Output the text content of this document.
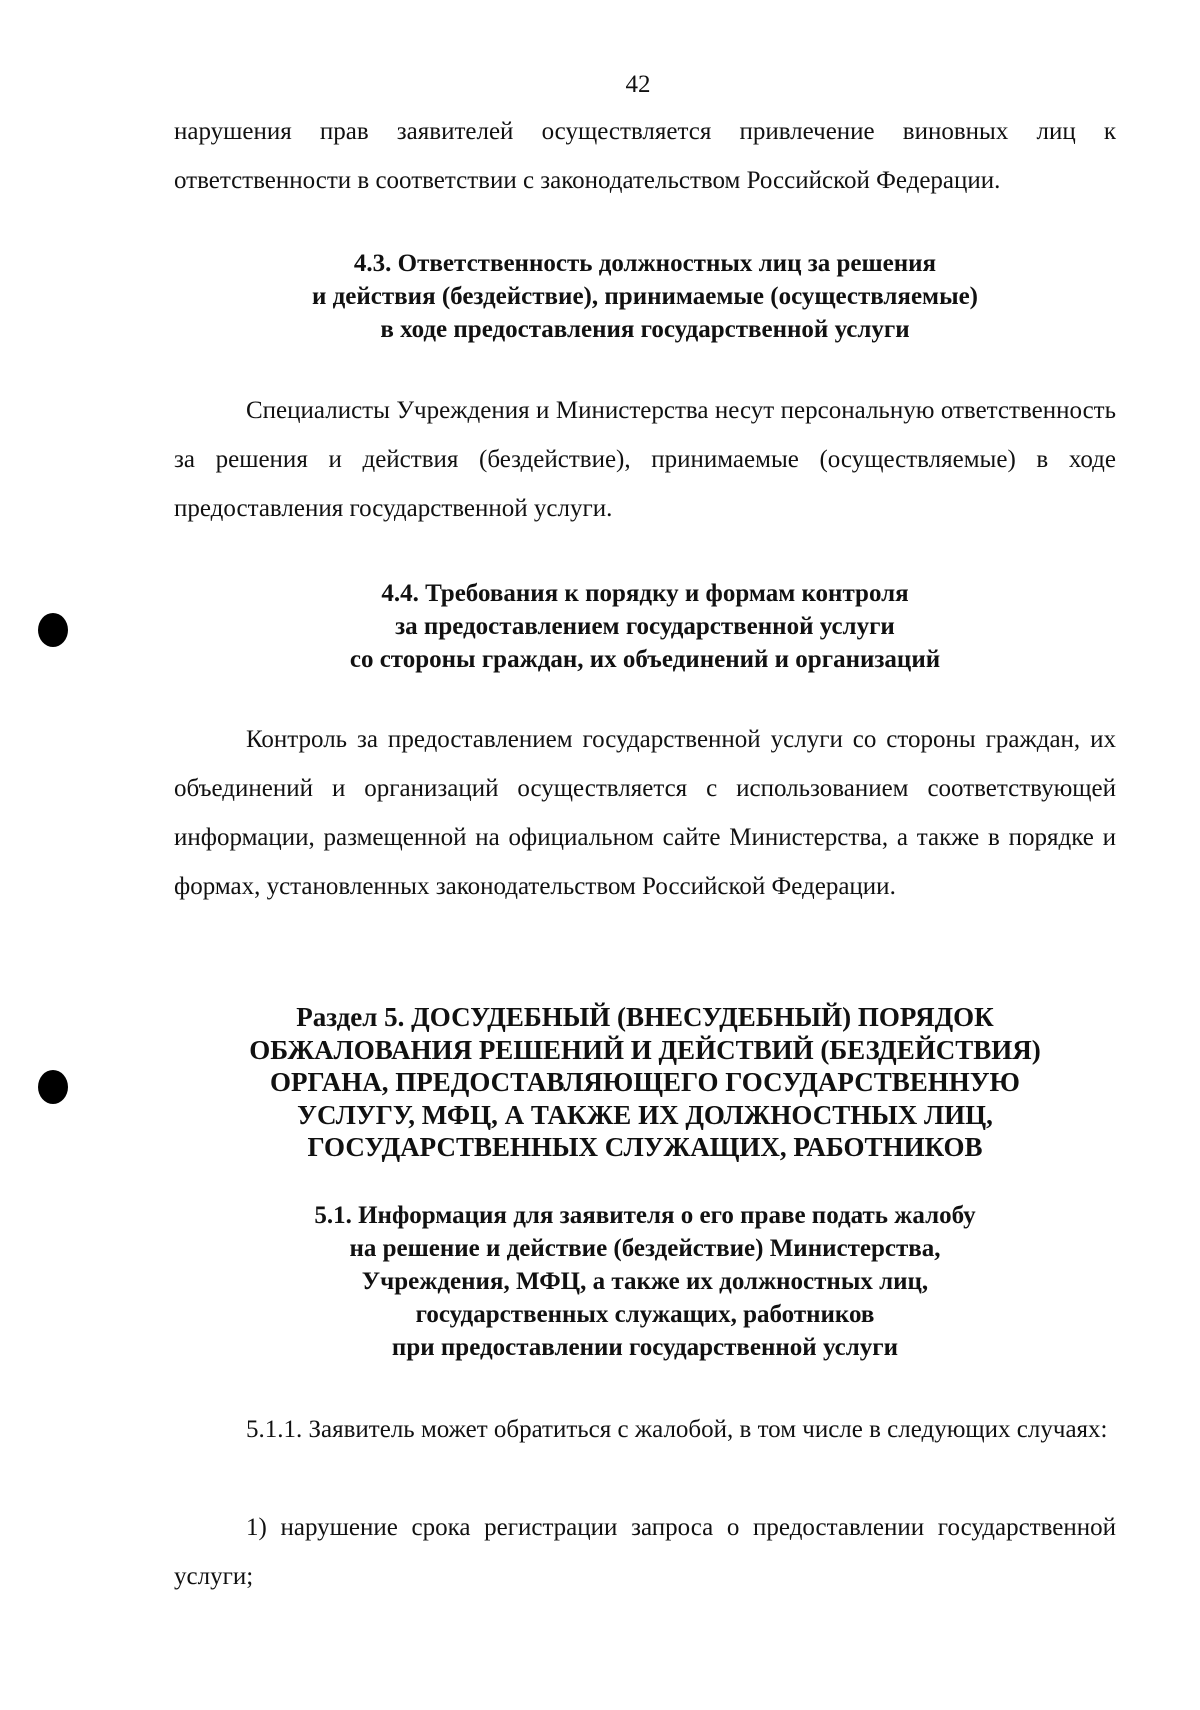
42

нарушения прав заявителей осуществляется привлечение виновных лиц к ответственности в соответствии с законодательством Российской Федерации.

4.3. Ответственность должностных лиц за решения
и действия (бездействие), принимаемые (осуществляемые)
в ходе предоставления государственной услуги

Специалисты Учреждения и Министерства несут персональную ответственность за решения и действия (бездействие), принимаемые (осуществляемые) в ходе предоставления государственной услуги.

4.4. Требования к порядку и формам контроля
за предоставлением государственной услуги
со стороны граждан, их объединений и организаций

Контроль за предоставлением государственной услуги со стороны граждан, их объединений и организаций осуществляется с использованием соответствующей информации, размещенной на официальном сайте Министерства, а также в порядке и формах, установленных законодательством Российской Федерации.

Раздел 5. ДОСУДЕБНЫЙ (ВНЕСУДЕБНЫЙ) ПОРЯДОК
ОБЖАЛОВАНИЯ РЕШЕНИЙ И ДЕЙСТВИЙ (БЕЗДЕЙСТВИЯ)
ОРГАНА, ПРЕДОСТАВЛЯЮЩЕГО ГОСУДАРСТВЕННУЮ
УСЛУГУ, МФЦ, А ТАКЖЕ ИХ ДОЛЖНОСТНЫХ ЛИЦ,
ГОСУДАРСТВЕННЫХ СЛУЖАЩИХ, РАБОТНИКОВ
5.1. Информация для заявителя о его праве подать жалобу
на решение и действие (бездействие) Министерства,
Учреждения, МФЦ, а также их должностных лиц,
государственных служащих, работников
при предоставлении государственной услуги

5.1.1. Заявитель может обратиться с жалобой, в том числе в следующих случаях:

1) нарушение срока регистрации запроса о предоставлении государственной услуги;
